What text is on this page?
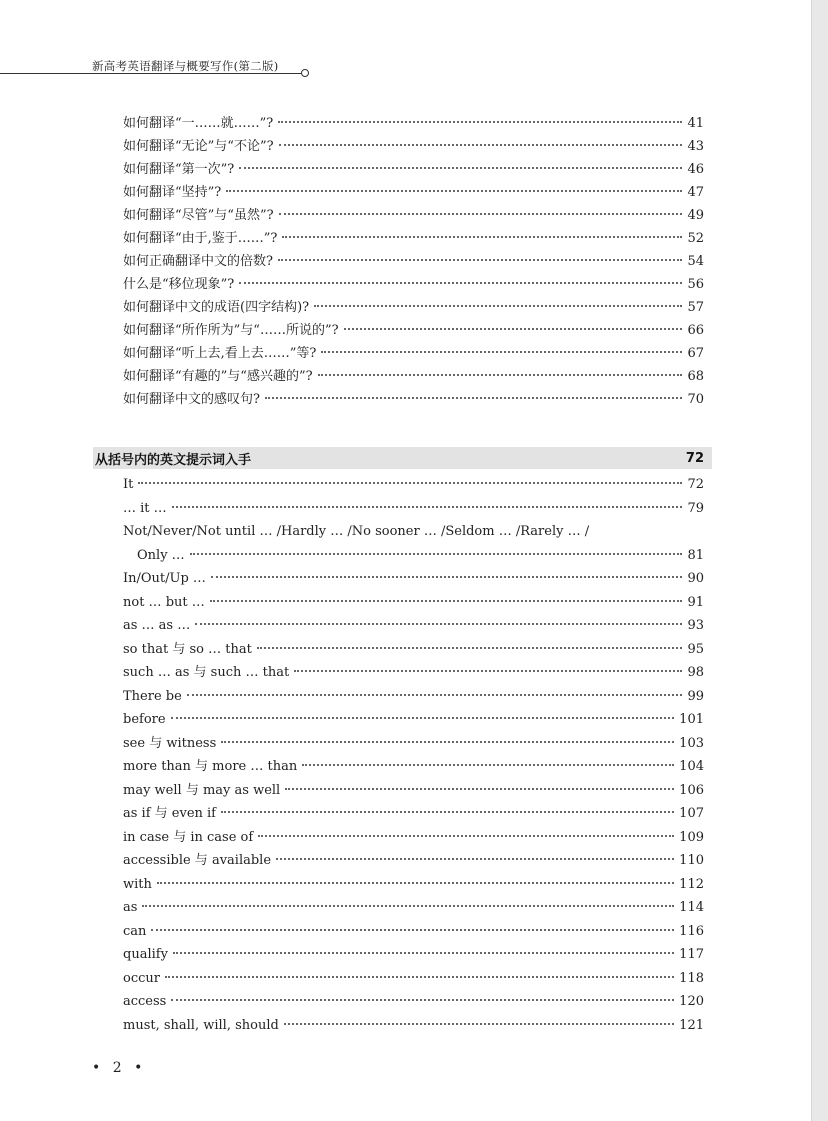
新高考英语翻译与概要写作(第二版)
如何翻译“一……就……”?	41
如何翻译“无论”与“不论”?	43
如何翻译“第一次”?	46
如何翻译“坚持”?	47
如何翻译“尽管”与“虽然”?	49
如何翻译“由于,鉴于……”?	52
如何正确翻译中文的倍数?	54
什么是“移位现象”?	56
如何翻译中文的成语(四字结构)?	57
如何翻译“所作所为”与“……所说的”?	66
如何翻译“听上去,看上去……”等?	67
如何翻译“有趣的”与“感兴趣的”?	68
如何翻译中文的感叹句?	70
从括号内的英文提示词入手	72
It	72
… it …	79
Not/Never/Not until … /Hardly … /No sooner … /Seldom … /Rarely … /
Only …	81
In/Out/Up …	90
not … but …	91
as … as …	93
so that 与 so … that	95
such … as 与 such … that	98
There be	99
before	101
see 与 witness	103
more than 与 more … than	104
may well 与 may as well	106
as if 与 even if	107
in case 与 in case of	109
accessible 与 available	110
with	112
as	114
can	116
qualify	117
occur	118
access	120
must, shall, will, should	121
• 2 •
